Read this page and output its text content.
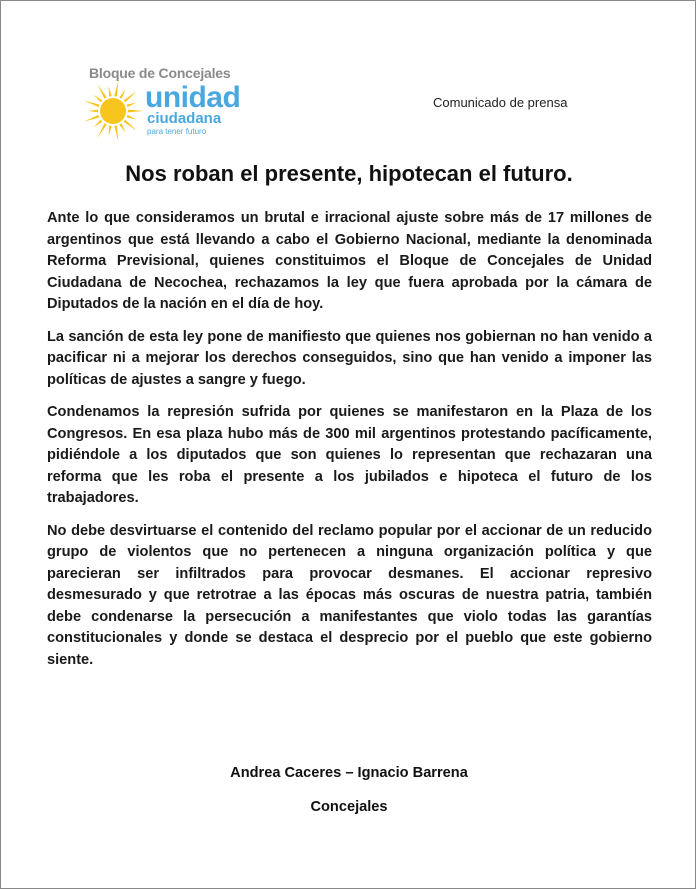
Bloque de Concejales
unidad
ciudadana
para tener futuro
Comunicado de prensa
Nos roban el presente, hipotecan el futuro.

Ante lo que consideramos un brutal e irracional ajuste sobre más de 17 millones de argentinos que está llevando a cabo el Gobierno Nacional, mediante la denominada Reforma Previsional, quienes constituimos el Bloque de Concejales de Unidad Ciudadana de Necochea, rechazamos la ley que fuera aprobada por la cámara de Diputados de la nación en el día de hoy.

La sanción de esta ley pone de manifiesto que quienes nos gobiernan no han venido a pacificar ni a mejorar los derechos conseguidos, sino que han venido a imponer las políticas de ajustes a sangre y fuego.

Condenamos la represión sufrida por quienes se manifestaron en la Plaza de los Congresos. En esa plaza hubo más de 300 mil argentinos protestando pacíficamente, pidiéndole a los diputados que son quienes lo representan que rechazaran una reforma que les roba el presente a los jubilados e hipoteca el futuro de los trabajadores.

No debe desvirtuarse el contenido del reclamo popular por el accionar de un reducido grupo de violentos que no pertenecen a ninguna organización política y que parecieran ser infiltrados para provocar desmanes. El accionar represivo desmesurado y que retrotrae a las épocas más oscuras de nuestra patria, también debe condenarse la persecución a manifestantes que violo todas las garantías constitucionales y donde se destaca el desprecio por el pueblo que este gobierno siente.

Andrea Caceres – Ignacio Barrena
Concejales
